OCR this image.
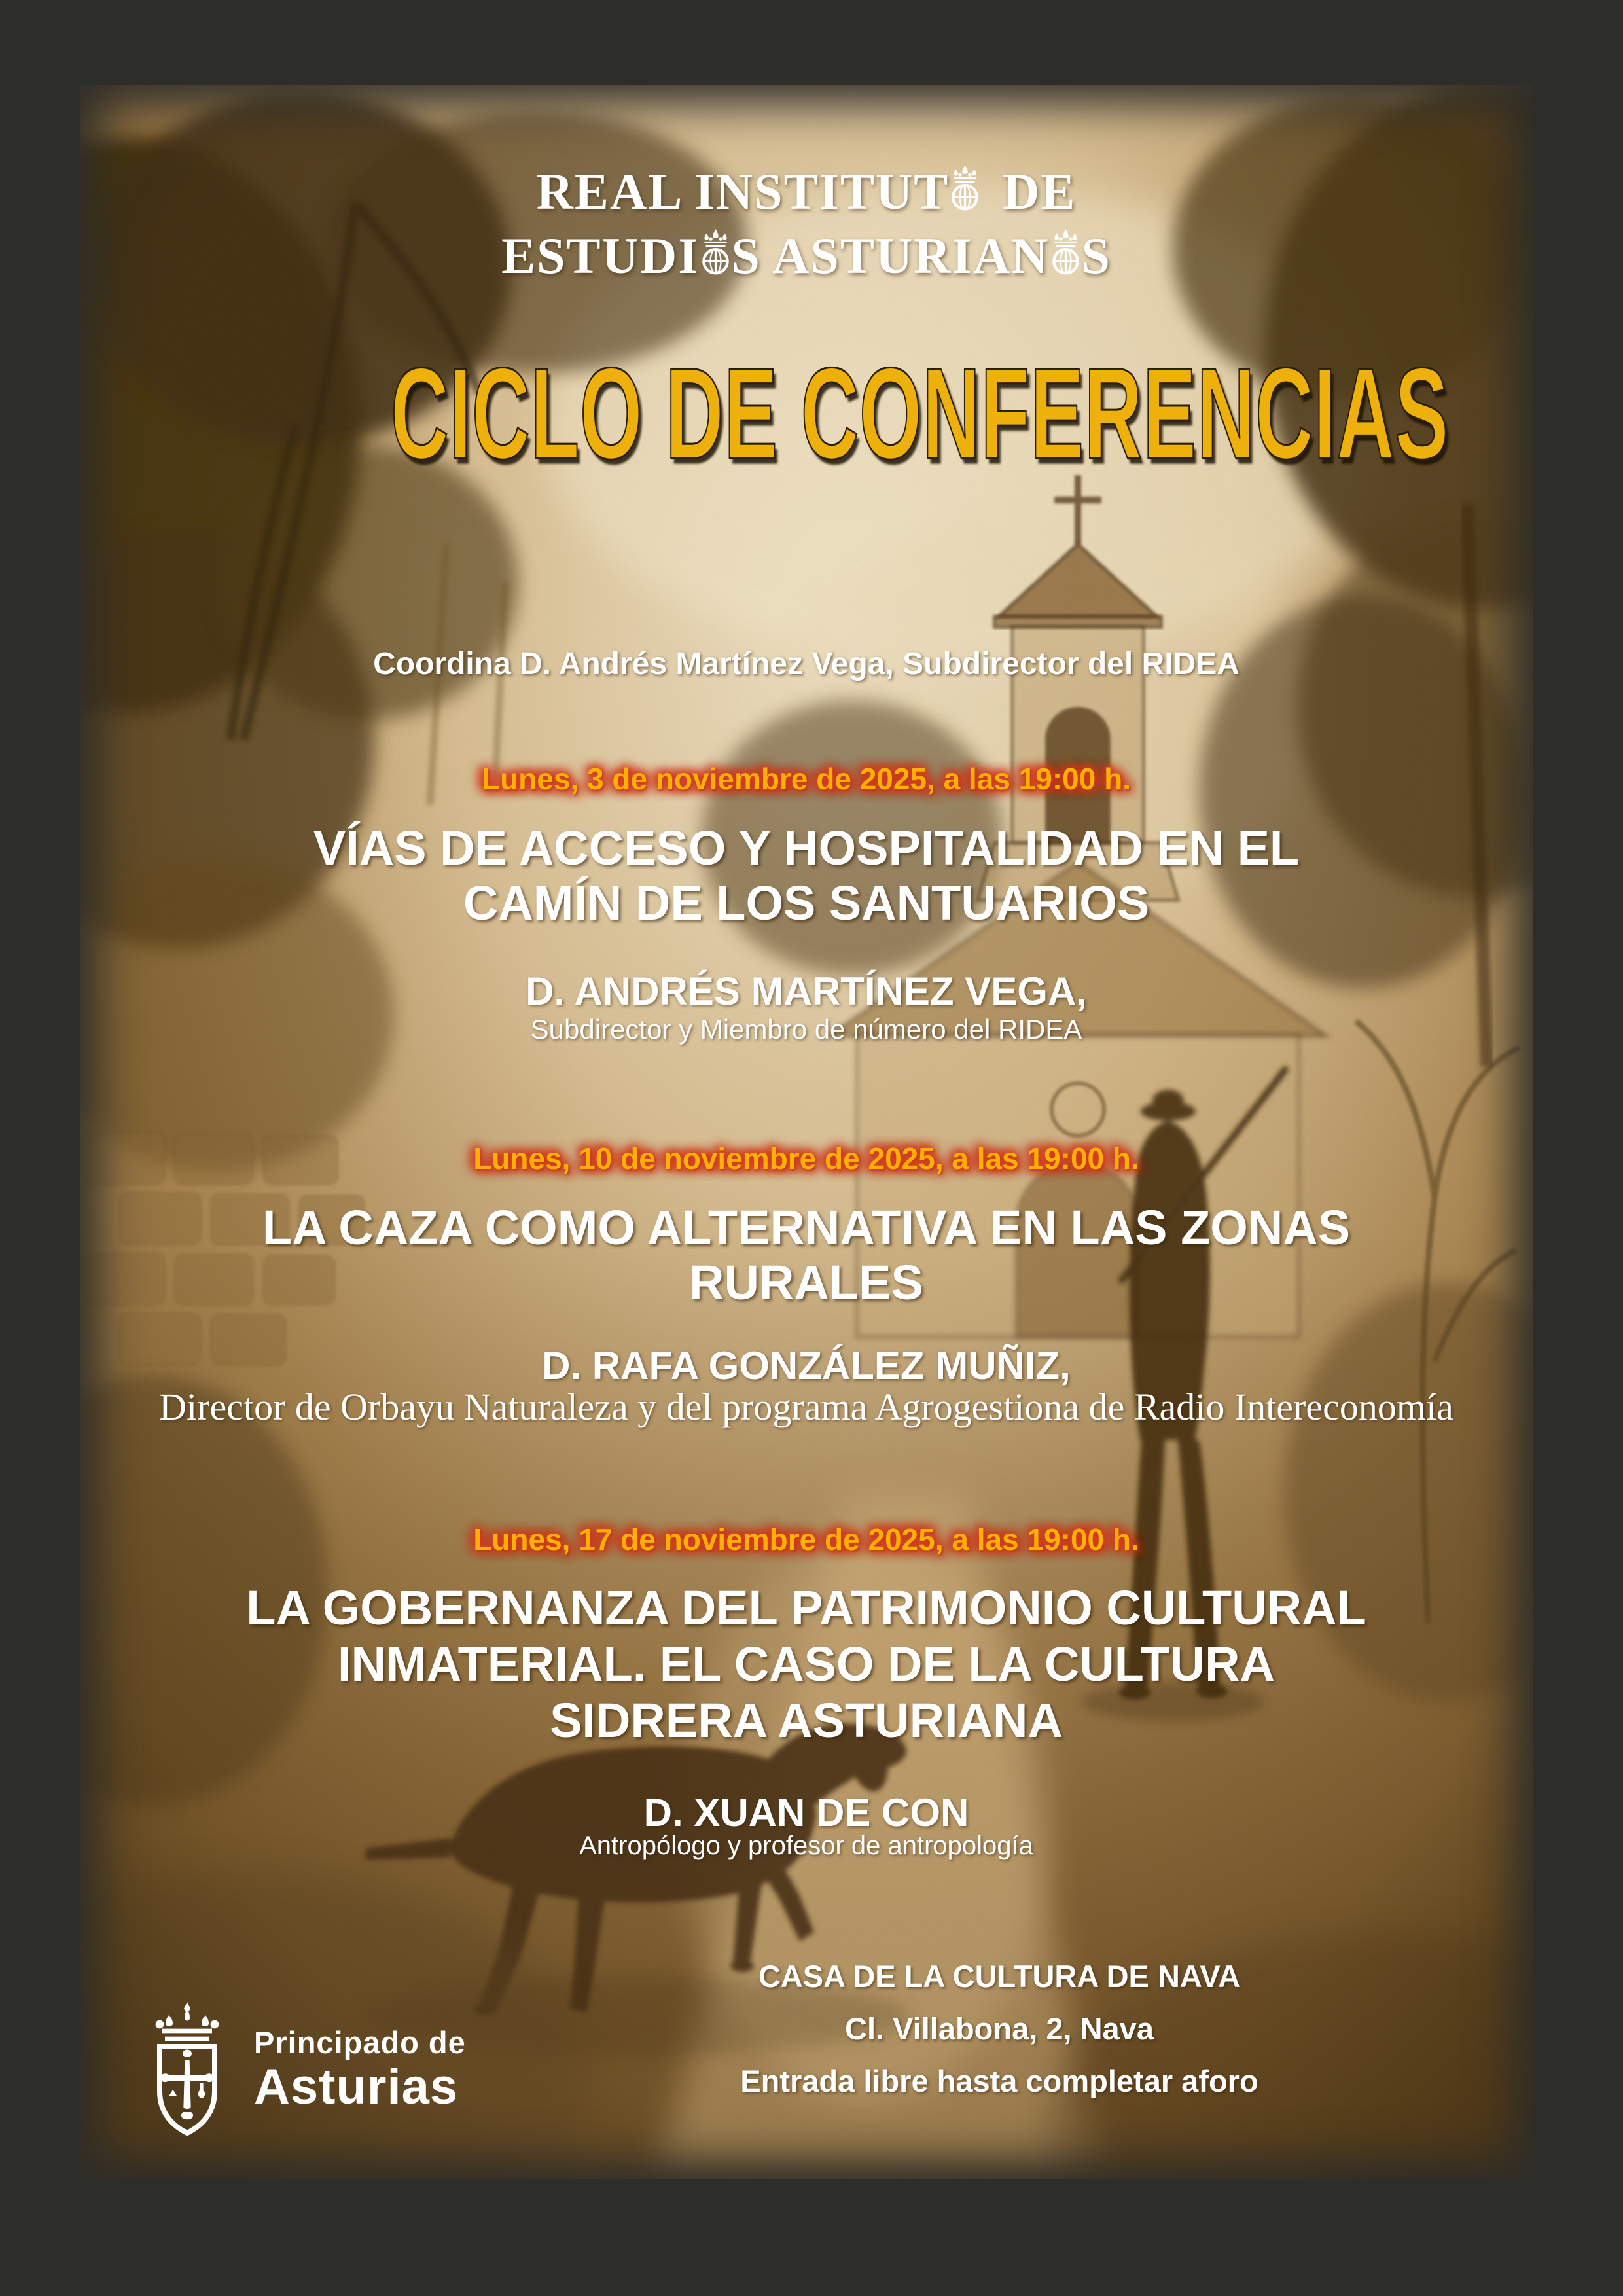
REAL INSTITUT DE
ESTUDI S ASTURIAN S
CICLO DE CONFERENCIAS
Coordina D. Andrés Martínez Vega, Subdirector del RIDEA
Lunes, 3 de noviembre de 2025, a las 19:00 h.
VÍAS DE ACCESO Y HOSPITALIDAD EN EL
CAMÍN DE LOS SANTUARIOS
D. ANDRÉS MARTÍNEZ VEGA,
Subdirector y Miembro de número del RIDEA
Lunes, 10 de noviembre de 2025, a las 19:00 h.
LA CAZA COMO ALTERNATIVA EN LAS ZONAS
RURALES
D. RAFA GONZÁLEZ MUÑIZ,
Director de Orbayu Naturaleza y del programa Agrogestiona de Radio Intereconomía
Lunes, 17 de noviembre de 2025, a las 19:00 h.
LA GOBERNANZA DEL PATRIMONIO CULTURAL
INMATERIAL. EL CASO DE LA CULTURA
SIDRERA ASTURIANA
D. XUAN DE CON
Antropólogo y profesor de antropología
CASA DE LA CULTURA DE NAVA
Cl. Villabona, 2, Nava
Entrada libre hasta completar aforo
Principado de
Asturias
